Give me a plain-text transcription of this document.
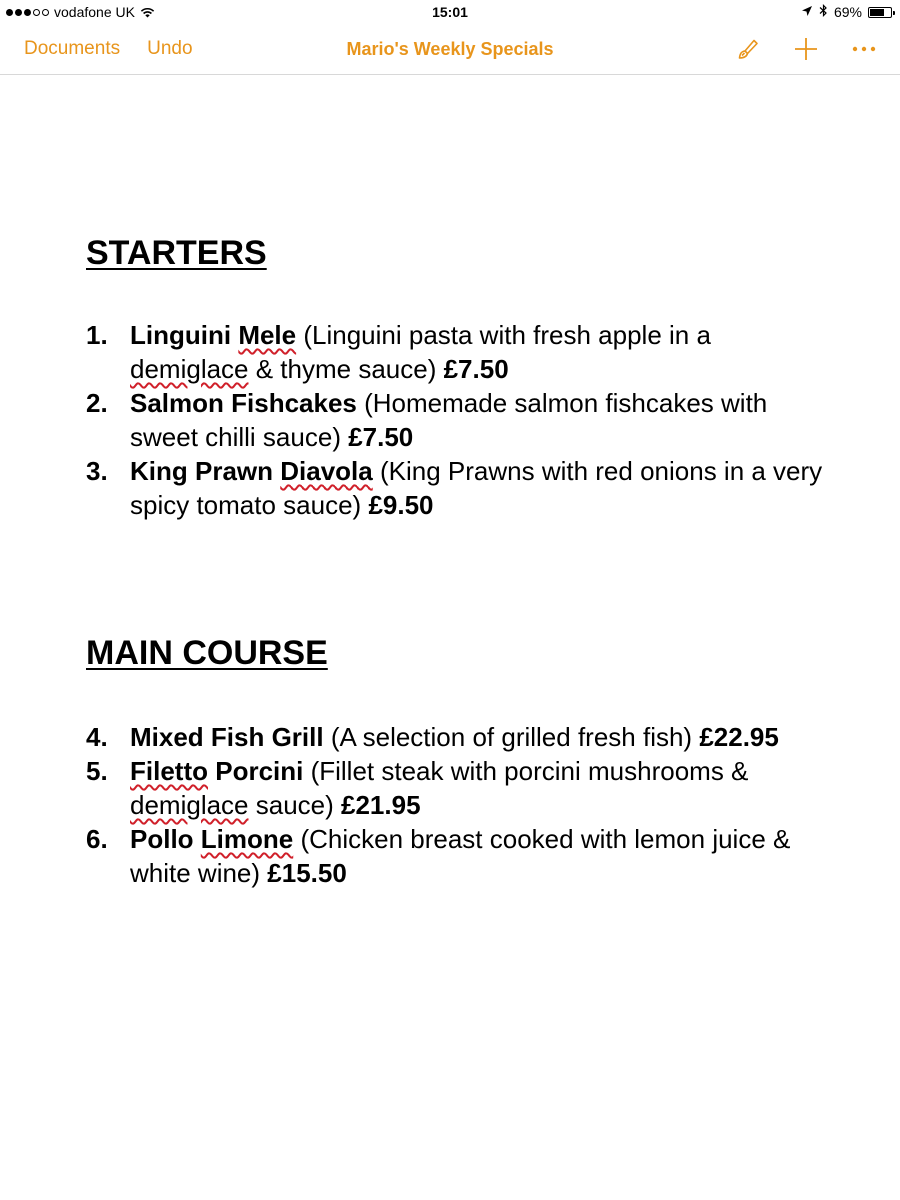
vodafone UK	15:01	69%
Documents Undo	Mario's Weekly Specials
STARTERS
1. Linguini Mele (Linguini pasta with fresh apple in a demiglace & thyme sauce) £7.50
2. Salmon Fishcakes (Homemade salmon fishcakes with sweet chilli sauce) £7.50
3. King Prawn Diavola (King Prawns with red onions in a very spicy tomato sauce) £9.50
MAIN COURSE
4. Mixed Fish Grill (A selection of grilled fresh fish) £22.95
5. Filetto Porcini (Fillet steak with porcini mushrooms & demiglace sauce) £21.95
6. Pollo Limone (Chicken breast cooked with lemon juice & white wine) £15.50
